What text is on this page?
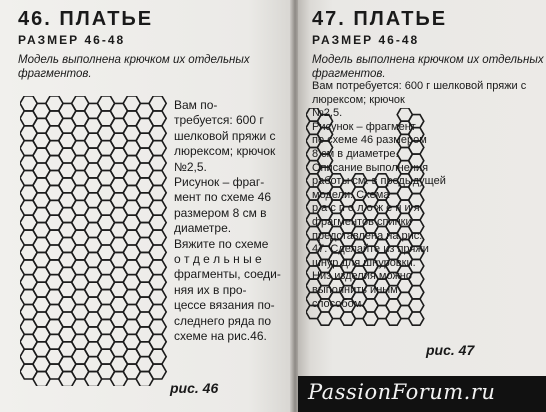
46. ПЛАТЬЕ
РАЗМЕР 46-48
Модель выполнена крючком их отдельных
фрагментов.
Вам по-
требуется: 600 г
шелковой пряжи с
люрексом; крючок
№2,5.
Рисунок – фраг-
мент по схеме 46
размером 8 см в
диаметре.
Вяжите по схеме
о т д е л ь н ы е
фрагменты, соеди-
няя их в про-
цессе вязания по-
следнего ряда по
схеме на рис.46.
рис. 46
47. ПЛАТЬЕ
РАЗМЕР 46-48
Модель выполнена крючком их отдельных
фрагментов.
Вам потребуется: 600 г шелковой пряжи с
люрексом; крючок
№2,5.
Рисунок – фрагмент
по схеме 46 размером
8 см в диаметре.
Описание выполнения
работы см. в предыдущей
модели. Схема
р а с п о л о ж е н и я
фрагментов спинки
представлена на рис.
47. Сделайте из пряжи
шнур для шнуровки.
Низ изделия можно
выполнить иным
способом.
рис. 47
PassionForum.ru
